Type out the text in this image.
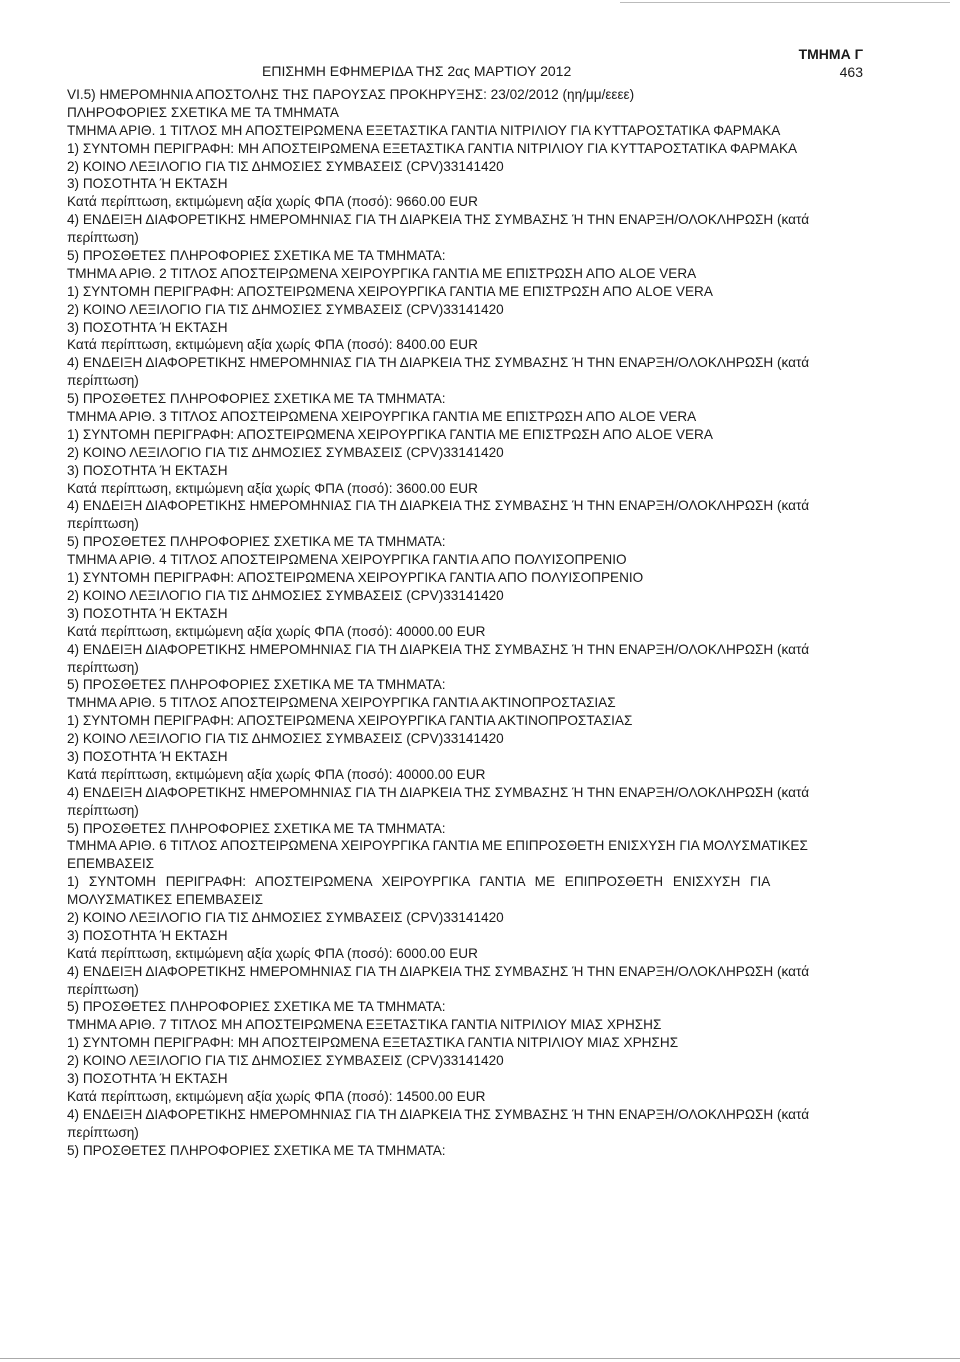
ΕΠΙΣΗΜΗ ΕΦΗΜΕΡΙΔΑ ΤΗΣ 2ας ΜΑΡΤΙΟΥ 2012
ΤΜΗΜΑ Γ
463
VI.5) ΗΜΕΡΟΜΗΝΙΑ ΑΠΟΣΤΟΛΗΣ ΤΗΣ ΠΑΡΟΥΣΑΣ ΠΡΟΚΗΡΥΞΗΣ: 23/02/2012 (ηη/μμ/εεεε)
ΠΛΗΡΟΦΟΡΙΕΣ ΣΧΕΤΙΚΑ ΜΕ ΤΑ ΤΜΗΜΑΤΑ
ΤΜΗΜΑ ΑΡΙΘ. 1 ΤΙΤΛΟΣ ΜΗ ΑΠΟΣΤΕΙΡΩΜΕΝΑ ΕΞΕΤΑΣΤΙΚΑ ΓΑΝΤΙΑ ΝΙΤΡΙΛΙΟΥ ΓΙΑ ΚΥΤΤΑΡΟΣΤΑΤΙΚΑ ΦΑΡΜΑΚΑ
1) ΣΥΝΤΟΜΗ ΠΕΡΙΓΡΑΦΗ: ΜΗ ΑΠΟΣΤΕΙΡΩΜΕΝΑ ΕΞΕΤΑΣΤΙΚΑ ΓΑΝΤΙΑ ΝΙΤΡΙΛΙΟΥ ΓΙΑ ΚΥΤΤΑΡΟΣΤΑΤΙΚΑ ΦΑΡΜΑΚΑ
2) ΚΟΙΝΟ ΛΕΞΙΛΟΓΙΟ ΓΙΑ ΤΙΣ ΔΗΜΟΣΙΕΣ ΣΥΜΒΑΣΕΙΣ (CPV)33141420
3) ΠΟΣΟΤΗΤΑ Ή ΕΚΤΑΣΗ
Κατά περίπτωση, εκτιμώμενη αξία χωρίς ΦΠΑ (ποσό): 9660.00 EUR
4) ΕΝΔΕΙΞΗ ΔΙΑΦΟΡΕΤΙΚΗΣ ΗΜΕΡΟΜΗΝΙΑΣ ΓΙΑ ΤΗ ΔΙΑΡΚΕΙΑ ΤΗΣ ΣΥΜΒΑΣΗΣ Ή ΤΗΝ ΕΝΑΡΞΗ/ΟΛΟΚΛΗΡΩΣΗ (κατά
περίπτωση)
5) ΠΡΟΣΘΕΤΕΣ ΠΛΗΡΟΦΟΡΙΕΣ ΣΧΕΤΙΚΑ ΜΕ ΤΑ ΤΜΗΜΑΤΑ:
ΤΜΗΜΑ ΑΡΙΘ. 2 ΤΙΤΛΟΣ ΑΠΟΣΤΕΙΡΩΜΕΝΑ ΧΕΙΡΟΥΡΓΙΚΑ ΓΑΝΤΙΑ ΜΕ ΕΠΙΣΤΡΩΣΗ ΑΠΟ ALOE VERA
1) ΣΥΝΤΟΜΗ ΠΕΡΙΓΡΑΦΗ: ΑΠΟΣΤΕΙΡΩΜΕΝΑ ΧΕΙΡΟΥΡΓΙΚΑ ΓΑΝΤΙΑ ΜΕ ΕΠΙΣΤΡΩΣΗ ΑΠΟ ALOE VERA
2) ΚΟΙΝΟ ΛΕΞΙΛΟΓΙΟ ΓΙΑ ΤΙΣ ΔΗΜΟΣΙΕΣ ΣΥΜΒΑΣΕΙΣ (CPV)33141420
3) ΠΟΣΟΤΗΤΑ Ή ΕΚΤΑΣΗ
Κατά περίπτωση, εκτιμώμενη αξία χωρίς ΦΠΑ (ποσό): 8400.00 EUR
4) ΕΝΔΕΙΞΗ ΔΙΑΦΟΡΕΤΙΚΗΣ ΗΜΕΡΟΜΗΝΙΑΣ ΓΙΑ ΤΗ ΔΙΑΡΚΕΙΑ ΤΗΣ ΣΥΜΒΑΣΗΣ Ή ΤΗΝ ΕΝΑΡΞΗ/ΟΛΟΚΛΗΡΩΣΗ (κατά
περίπτωση)
5) ΠΡΟΣΘΕΤΕΣ ΠΛΗΡΟΦΟΡΙΕΣ ΣΧΕΤΙΚΑ ΜΕ ΤΑ ΤΜΗΜΑΤΑ:
ΤΜΗΜΑ ΑΡΙΘ. 3 ΤΙΤΛΟΣ ΑΠΟΣΤΕΙΡΩΜΕΝΑ ΧΕΙΡΟΥΡΓΙΚΑ ΓΑΝΤΙΑ ΜΕ ΕΠΙΣΤΡΩΣΗ ΑΠΟ ALOE VERA
1) ΣΥΝΤΟΜΗ ΠΕΡΙΓΡΑΦΗ: ΑΠΟΣΤΕΙΡΩΜΕΝΑ ΧΕΙΡΟΥΡΓΙΚΑ ΓΑΝΤΙΑ ΜΕ ΕΠΙΣΤΡΩΣΗ ΑΠΟ ALOE VERA
2) ΚΟΙΝΟ ΛΕΞΙΛΟΓΙΟ ΓΙΑ ΤΙΣ ΔΗΜΟΣΙΕΣ ΣΥΜΒΑΣΕΙΣ (CPV)33141420
3) ΠΟΣΟΤΗΤΑ Ή ΕΚΤΑΣΗ
Κατά περίπτωση, εκτιμώμενη αξία χωρίς ΦΠΑ (ποσό): 3600.00 EUR
4) ΕΝΔΕΙΞΗ ΔΙΑΦΟΡΕΤΙΚΗΣ ΗΜΕΡΟΜΗΝΙΑΣ ΓΙΑ ΤΗ ΔΙΑΡΚΕΙΑ ΤΗΣ ΣΥΜΒΑΣΗΣ Ή ΤΗΝ ΕΝΑΡΞΗ/ΟΛΟΚΛΗΡΩΣΗ (κατά
περίπτωση)
5) ΠΡΟΣΘΕΤΕΣ ΠΛΗΡΟΦΟΡΙΕΣ ΣΧΕΤΙΚΑ ΜΕ ΤΑ ΤΜΗΜΑΤΑ:
ΤΜΗΜΑ ΑΡΙΘ. 4 ΤΙΤΛΟΣ ΑΠΟΣΤΕΙΡΩΜΕΝΑ ΧΕΙΡΟΥΡΓΙΚΑ ΓΑΝΤΙΑ ΑΠΟ ΠΟΛΥΙΣΟΠΡΕΝΙΟ
1) ΣΥΝΤΟΜΗ ΠΕΡΙΓΡΑΦΗ: ΑΠΟΣΤΕΙΡΩΜΕΝΑ ΧΕΙΡΟΥΡΓΙΚΑ ΓΑΝΤΙΑ ΑΠΟ ΠΟΛΥΙΣΟΠΡΕΝΙΟ
2) ΚΟΙΝΟ ΛΕΞΙΛΟΓΙΟ ΓΙΑ ΤΙΣ ΔΗΜΟΣΙΕΣ ΣΥΜΒΑΣΕΙΣ (CPV)33141420
3) ΠΟΣΟΤΗΤΑ Ή ΕΚΤΑΣΗ
Κατά περίπτωση, εκτιμώμενη αξία χωρίς ΦΠΑ (ποσό): 40000.00 EUR
4) ΕΝΔΕΙΞΗ ΔΙΑΦΟΡΕΤΙΚΗΣ ΗΜΕΡΟΜΗΝΙΑΣ ΓΙΑ ΤΗ ΔΙΑΡΚΕΙΑ ΤΗΣ ΣΥΜΒΑΣΗΣ Ή ΤΗΝ ΕΝΑΡΞΗ/ΟΛΟΚΛΗΡΩΣΗ (κατά
περίπτωση)
5) ΠΡΟΣΘΕΤΕΣ ΠΛΗΡΟΦΟΡΙΕΣ ΣΧΕΤΙΚΑ ΜΕ ΤΑ ΤΜΗΜΑΤΑ:
ΤΜΗΜΑ ΑΡΙΘ. 5 ΤΙΤΛΟΣ ΑΠΟΣΤΕΙΡΩΜΕΝΑ ΧΕΙΡΟΥΡΓΙΚΑ ΓΑΝΤΙΑ ΑΚΤΙΝΟΠΡΟΣΤΑΣΙΑΣ
1) ΣΥΝΤΟΜΗ ΠΕΡΙΓΡΑΦΗ: ΑΠΟΣΤΕΙΡΩΜΕΝΑ ΧΕΙΡΟΥΡΓΙΚΑ ΓΑΝΤΙΑ ΑΚΤΙΝΟΠΡΟΣΤΑΣΙΑΣ
2) ΚΟΙΝΟ ΛΕΞΙΛΟΓΙΟ ΓΙΑ ΤΙΣ ΔΗΜΟΣΙΕΣ ΣΥΜΒΑΣΕΙΣ (CPV)33141420
3) ΠΟΣΟΤΗΤΑ Ή ΕΚΤΑΣΗ
Κατά περίπτωση, εκτιμώμενη αξία χωρίς ΦΠΑ (ποσό): 40000.00 EUR
4) ΕΝΔΕΙΞΗ ΔΙΑΦΟΡΕΤΙΚΗΣ ΗΜΕΡΟΜΗΝΙΑΣ ΓΙΑ ΤΗ ΔΙΑΡΚΕΙΑ ΤΗΣ ΣΥΜΒΑΣΗΣ Ή ΤΗΝ ΕΝΑΡΞΗ/ΟΛΟΚΛΗΡΩΣΗ (κατά
περίπτωση)
5) ΠΡΟΣΘΕΤΕΣ ΠΛΗΡΟΦΟΡΙΕΣ ΣΧΕΤΙΚΑ ΜΕ ΤΑ ΤΜΗΜΑΤΑ:
ΤΜΗΜΑ ΑΡΙΘ. 6 ΤΙΤΛΟΣ ΑΠΟΣΤΕΙΡΩΜΕΝΑ ΧΕΙΡΟΥΡΓΙΚΑ ΓΑΝΤΙΑ ΜΕ ΕΠΙΠΡΟΣΘΕΤΗ ΕΝΙΣΧΥΣΗ ΓΙΑ ΜΟΛΥΣΜΑΤΙΚΕΣ
ΕΠΕΜΒΑΣΕΙΣ
1) ΣΥΝΤΟΜΗ ΠΕΡΙΓΡΑΦΗ: ΑΠΟΣΤΕΙΡΩΜΕΝΑ ΧΕΙΡΟΥΡΓΙΚΑ ΓΑΝΤΙΑ ΜΕ ΕΠΙΠΡΟΣΘΕΤΗ ΕΝΙΣΧΥΣΗ ΓΙΑ
ΜΟΛΥΣΜΑΤΙΚΕΣ ΕΠΕΜΒΑΣΕΙΣ
2) ΚΟΙΝΟ ΛΕΞΙΛΟΓΙΟ ΓΙΑ ΤΙΣ ΔΗΜΟΣΙΕΣ ΣΥΜΒΑΣΕΙΣ (CPV)33141420
3) ΠΟΣΟΤΗΤΑ Ή ΕΚΤΑΣΗ
Κατά περίπτωση, εκτιμώμενη αξία χωρίς ΦΠΑ (ποσό): 6000.00 EUR
4) ΕΝΔΕΙΞΗ ΔΙΑΦΟΡΕΤΙΚΗΣ ΗΜΕΡΟΜΗΝΙΑΣ ΓΙΑ ΤΗ ΔΙΑΡΚΕΙΑ ΤΗΣ ΣΥΜΒΑΣΗΣ Ή ΤΗΝ ΕΝΑΡΞΗ/ΟΛΟΚΛΗΡΩΣΗ (κατά
περίπτωση)
5) ΠΡΟΣΘΕΤΕΣ ΠΛΗΡΟΦΟΡΙΕΣ ΣΧΕΤΙΚΑ ΜΕ ΤΑ ΤΜΗΜΑΤΑ:
ΤΜΗΜΑ ΑΡΙΘ. 7 ΤΙΤΛΟΣ ΜΗ ΑΠΟΣΤΕΙΡΩΜΕΝΑ ΕΞΕΤΑΣΤΙΚΑ ΓΑΝΤΙΑ ΝΙΤΡΙΛΙΟΥ ΜΙΑΣ ΧΡΗΣΗΣ
1) ΣΥΝΤΟΜΗ ΠΕΡΙΓΡΑΦΗ: ΜΗ ΑΠΟΣΤΕΙΡΩΜΕΝΑ ΕΞΕΤΑΣΤΙΚΑ ΓΑΝΤΙΑ ΝΙΤΡΙΛΙΟΥ ΜΙΑΣ ΧΡΗΣΗΣ
2) ΚΟΙΝΟ ΛΕΞΙΛΟΓΙΟ ΓΙΑ ΤΙΣ ΔΗΜΟΣΙΕΣ ΣΥΜΒΑΣΕΙΣ (CPV)33141420
3) ΠΟΣΟΤΗΤΑ Ή ΕΚΤΑΣΗ
Κατά περίπτωση, εκτιμώμενη αξία χωρίς ΦΠΑ (ποσό): 14500.00 EUR
4) ΕΝΔΕΙΞΗ ΔΙΑΦΟΡΕΤΙΚΗΣ ΗΜΕΡΟΜΗΝΙΑΣ ΓΙΑ ΤΗ ΔΙΑΡΚΕΙΑ ΤΗΣ ΣΥΜΒΑΣΗΣ Ή ΤΗΝ ΕΝΑΡΞΗ/ΟΛΟΚΛΗΡΩΣΗ (κατά
περίπτωση)
5) ΠΡΟΣΘΕΤΕΣ ΠΛΗΡΟΦΟΡΙΕΣ ΣΧΕΤΙΚΑ ΜΕ ΤΑ ΤΜΗΜΑΤΑ:
